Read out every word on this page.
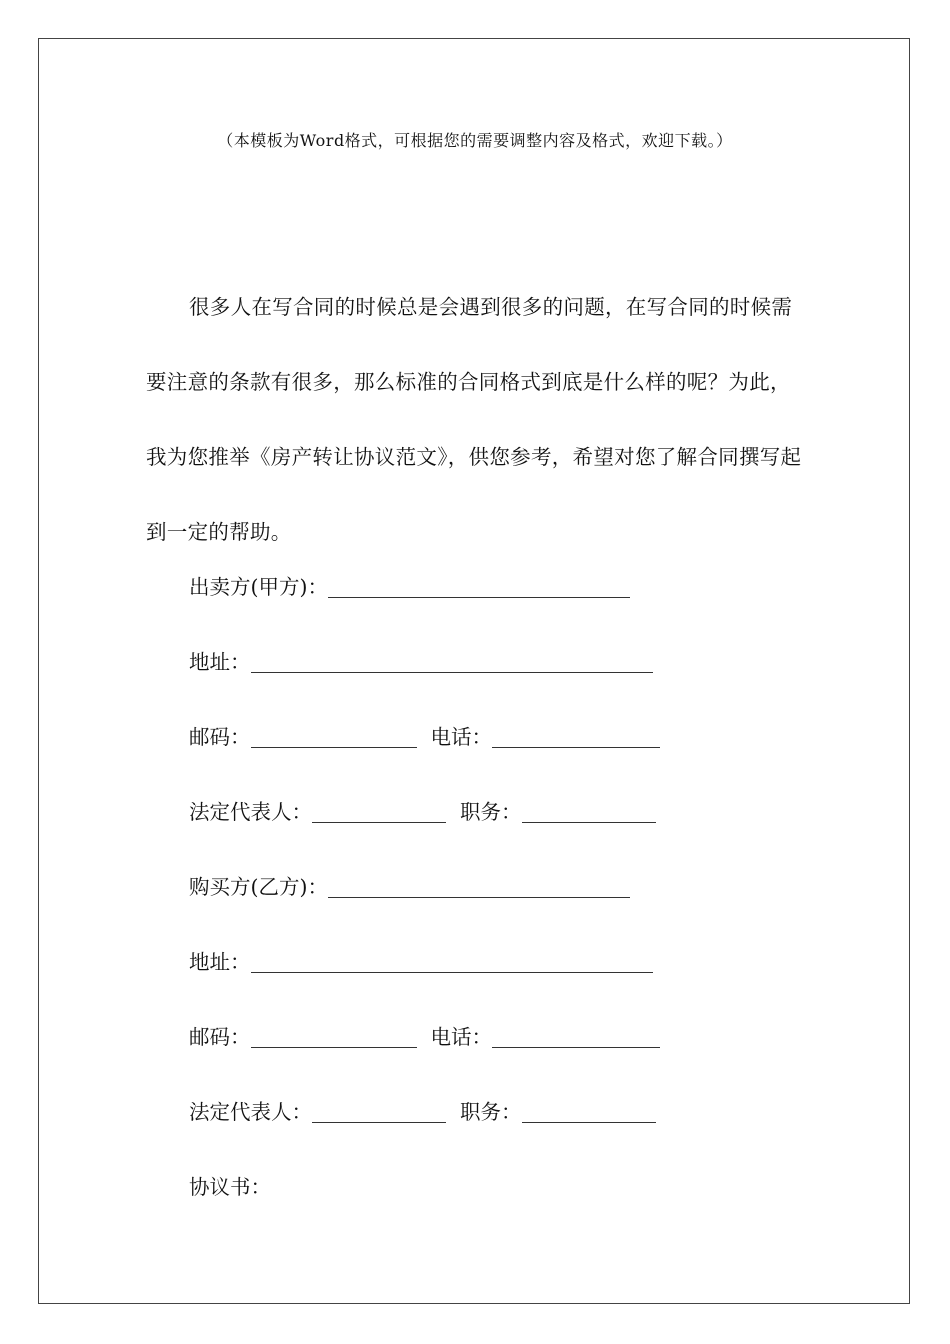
（本模板为Word格式，可根据您的需要调整内容及格式，欢迎下载。）

很多人在写合同的时候总是会遇到很多的问题，在写合同的时候需要注意的条款有很多，那么标准的合同格式到底是什么样的呢？为此，我为您推举《房产转让协议范文》，供您参考，希望对您了解合同撰写起到一定的帮助。

出卖方(甲方)：
地址：
邮码：	电话：
法定代表人：	职务：
购买方(乙方)：
地址：
邮码：	电话：
法定代表人：	职务：
协议书：
